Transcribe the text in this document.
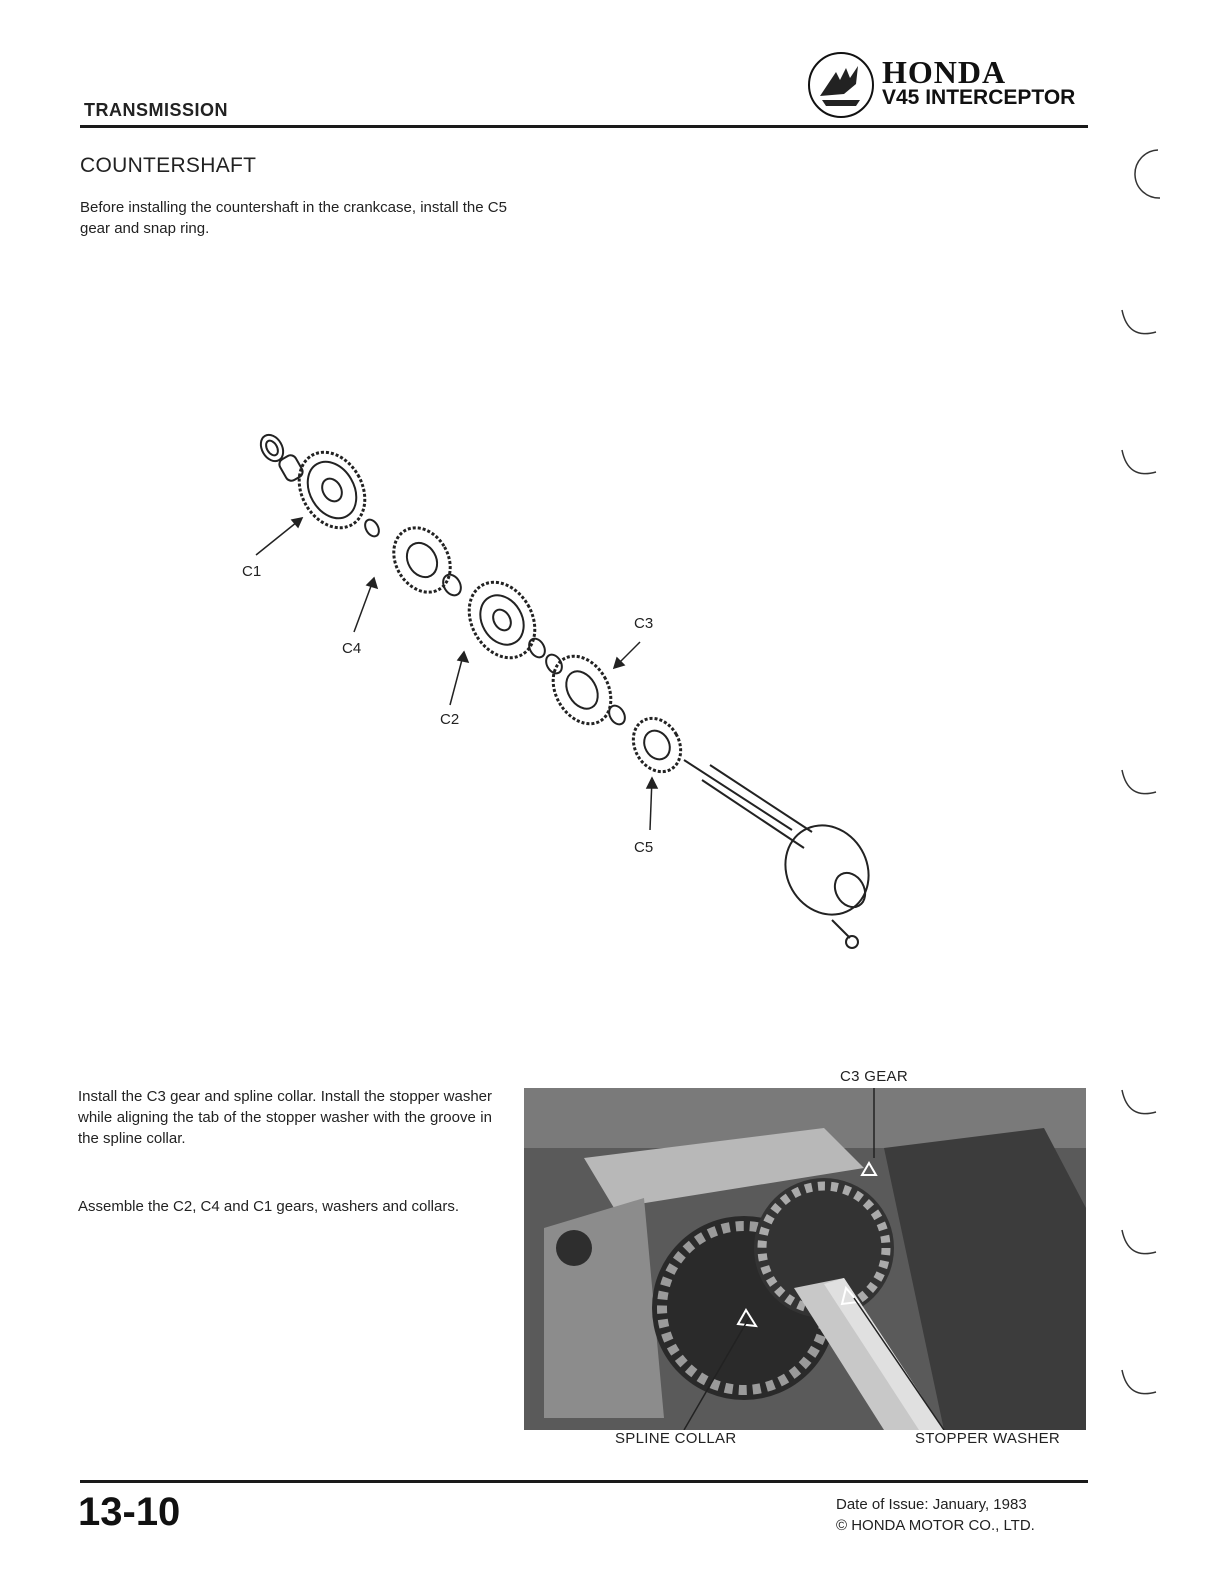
TRANSMISSION
HONDA
V45 INTERCEPTOR
COUNTERSHAFT
Before installing the countershaft in the crankcase, install the C5 gear and snap ring.
C1
C4
C2
C3
C5
Install the C3 gear and spline collar. Install the stopper washer while aligning the tab of the stopper washer with the groove in the spline collar.
Assemble the C2, C4 and C1 gears, washers and collars.
C3 GEAR
SPLINE COLLAR	STOPPER WASHER
13-10	Date of Issue: January, 1983
© HONDA MOTOR CO., LTD.
